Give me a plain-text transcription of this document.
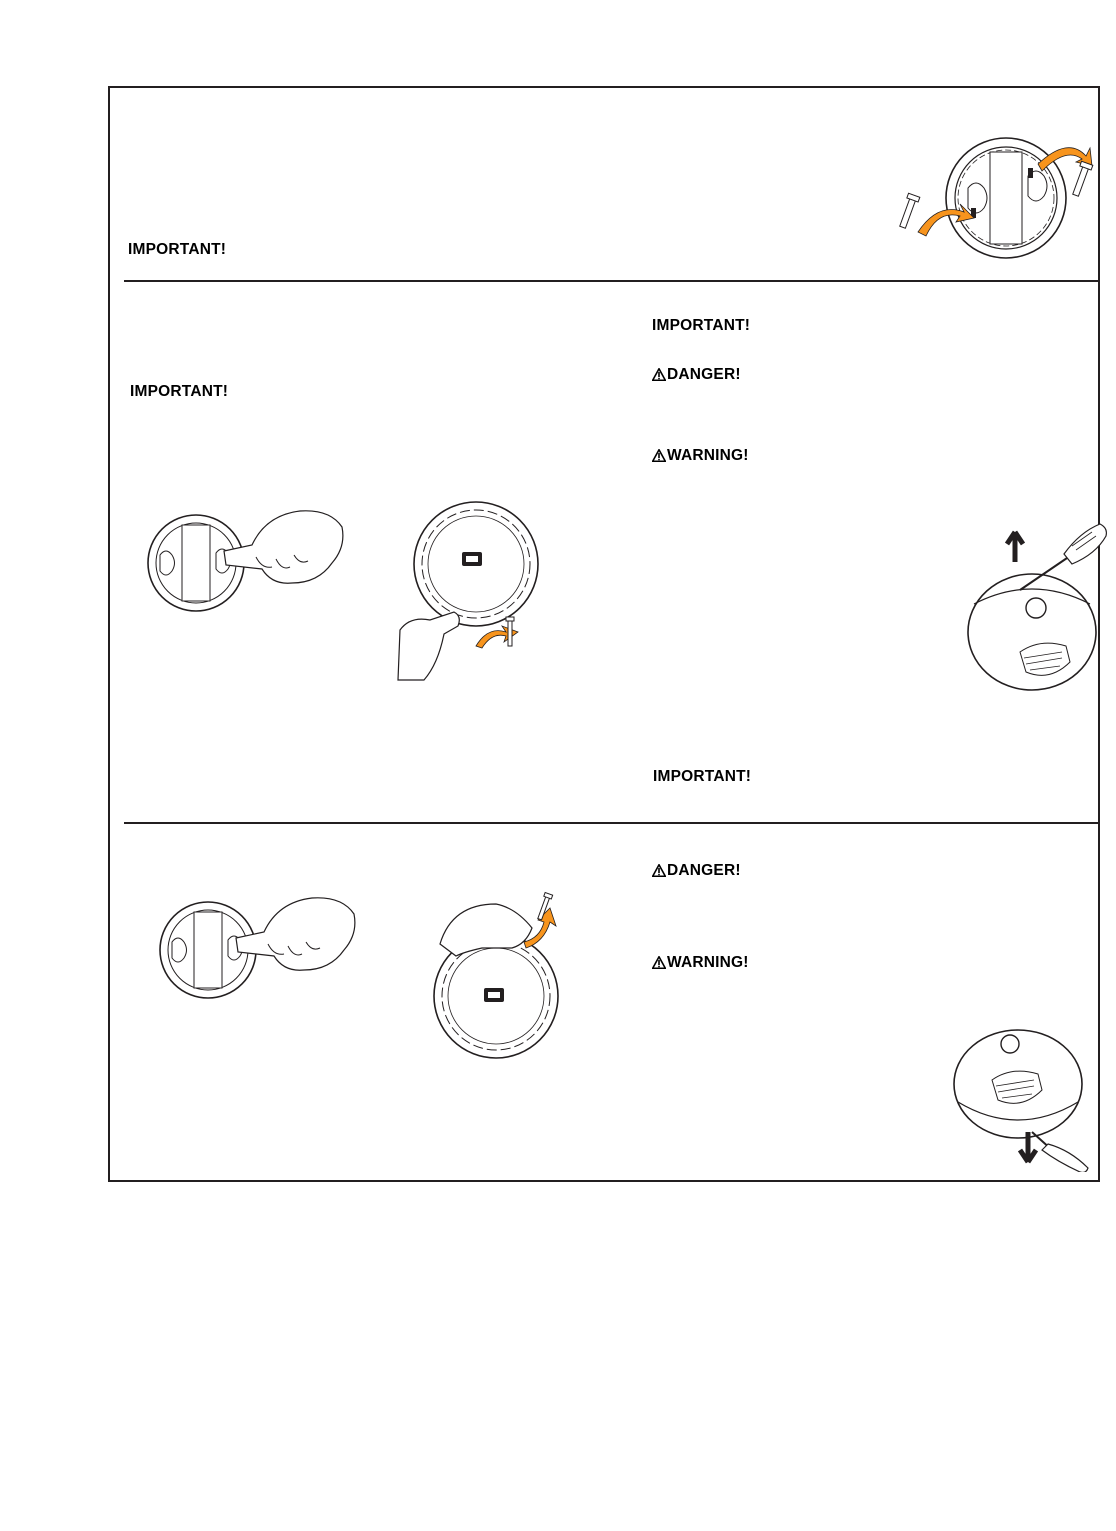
IMPORTANT!
IMPORTANT!
IMPORTANT!
DANGER!
WARNING!
IMPORTANT!
DANGER!
WARNING!
